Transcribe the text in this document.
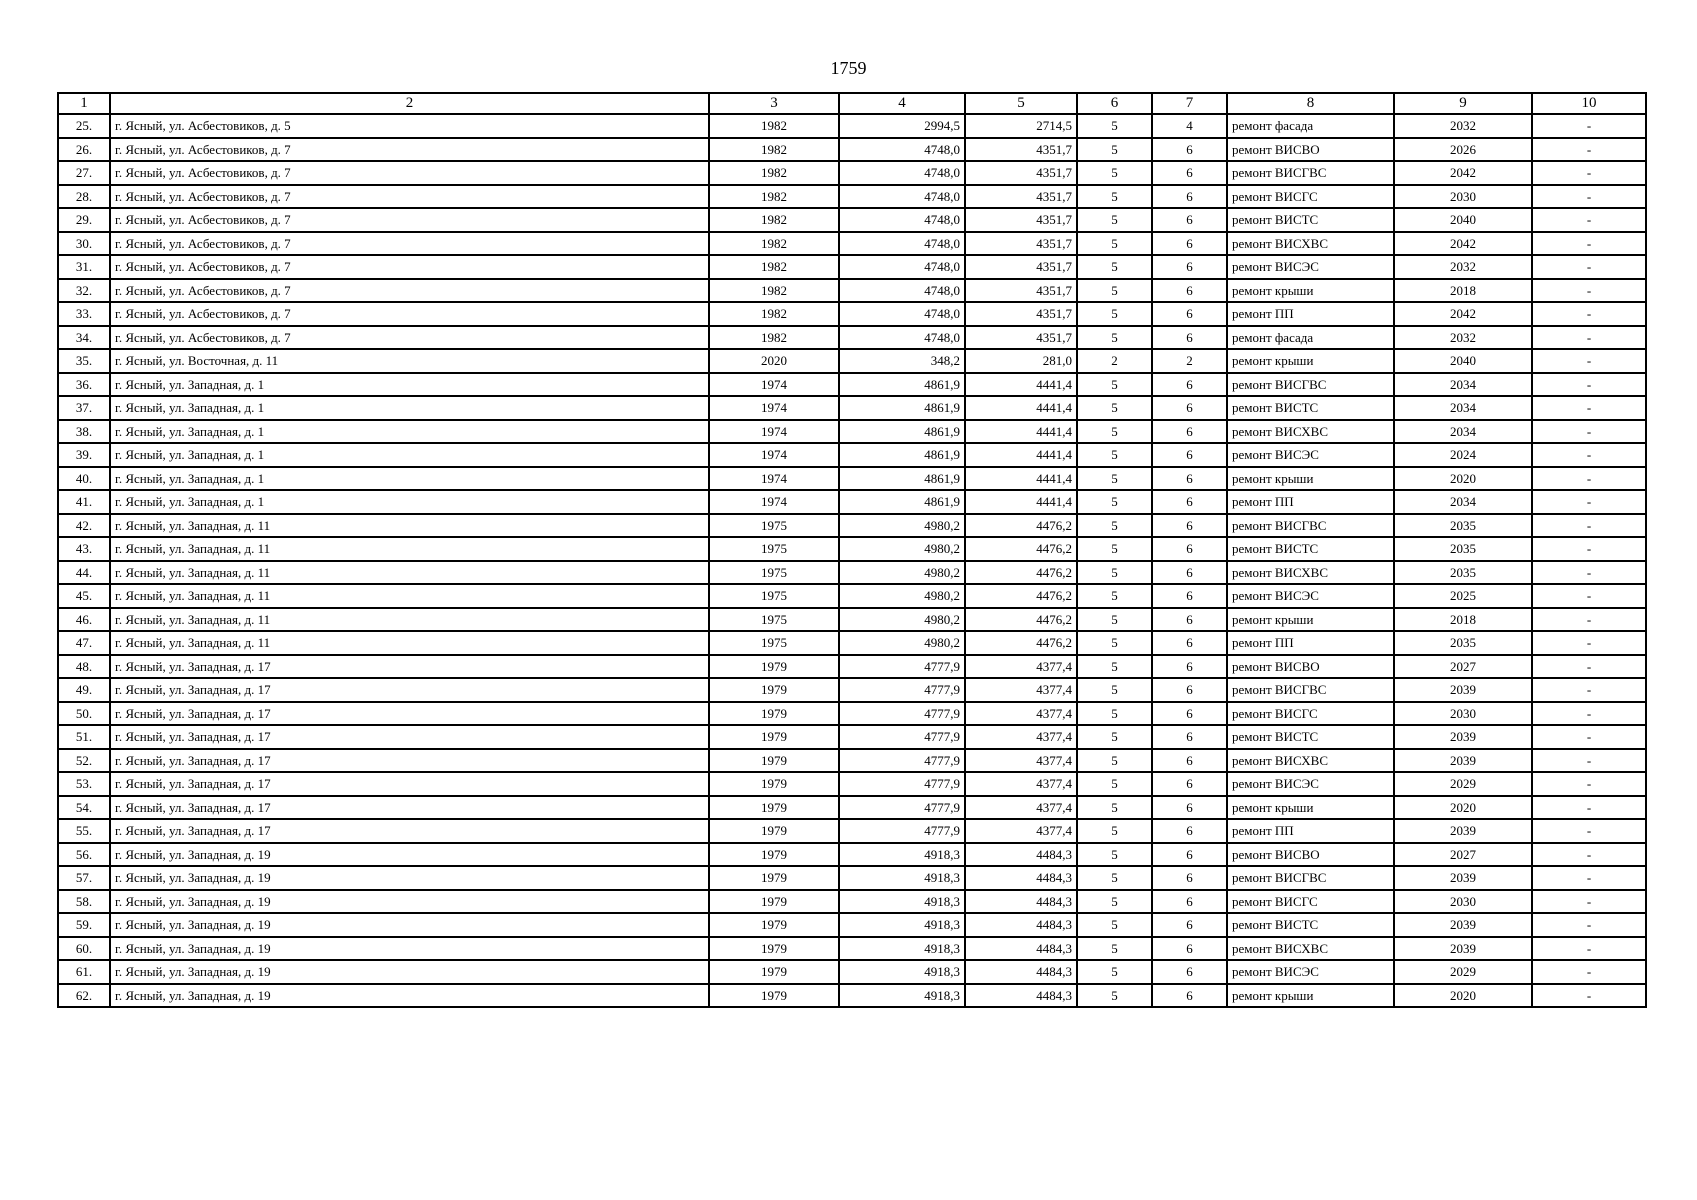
1759
1	2	3	4	5	6	7	8	9	10
25.	г. Ясный, ул. Асбестовиков, д. 5	1982	2994,5	2714,5	5	4	ремонт фасада	2032	-
26.	г. Ясный, ул. Асбестовиков, д. 7	1982	4748,0	4351,7	5	6	ремонт ВИСВО	2026	-
27.	г. Ясный, ул. Асбестовиков, д. 7	1982	4748,0	4351,7	5	6	ремонт ВИСГВС	2042	-
28.	г. Ясный, ул. Асбестовиков, д. 7	1982	4748,0	4351,7	5	6	ремонт ВИСГС	2030	-
29.	г. Ясный, ул. Асбестовиков, д. 7	1982	4748,0	4351,7	5	6	ремонт ВИСТС	2040	-
30.	г. Ясный, ул. Асбестовиков, д. 7	1982	4748,0	4351,7	5	6	ремонт ВИСХВС	2042	-
31.	г. Ясный, ул. Асбестовиков, д. 7	1982	4748,0	4351,7	5	6	ремонт ВИСЭС	2032	-
32.	г. Ясный, ул. Асбестовиков, д. 7	1982	4748,0	4351,7	5	6	ремонт крыши	2018	-
33.	г. Ясный, ул. Асбестовиков, д. 7	1982	4748,0	4351,7	5	6	ремонт ПП	2042	-
34.	г. Ясный, ул. Асбестовиков, д. 7	1982	4748,0	4351,7	5	6	ремонт фасада	2032	-
35.	г. Ясный, ул. Восточная, д. 11	2020	348,2	281,0	2	2	ремонт крыши	2040	-
36.	г. Ясный, ул. Западная, д. 1	1974	4861,9	4441,4	5	6	ремонт ВИСГВС	2034	-
37.	г. Ясный, ул. Западная, д. 1	1974	4861,9	4441,4	5	6	ремонт ВИСТС	2034	-
38.	г. Ясный, ул. Западная, д. 1	1974	4861,9	4441,4	5	6	ремонт ВИСХВС	2034	-
39.	г. Ясный, ул. Западная, д. 1	1974	4861,9	4441,4	5	6	ремонт ВИСЭС	2024	-
40.	г. Ясный, ул. Западная, д. 1	1974	4861,9	4441,4	5	6	ремонт крыши	2020	-
41.	г. Ясный, ул. Западная, д. 1	1974	4861,9	4441,4	5	6	ремонт ПП	2034	-
42.	г. Ясный, ул. Западная, д. 11	1975	4980,2	4476,2	5	6	ремонт ВИСГВС	2035	-
43.	г. Ясный, ул. Западная, д. 11	1975	4980,2	4476,2	5	6	ремонт ВИСТС	2035	-
44.	г. Ясный, ул. Западная, д. 11	1975	4980,2	4476,2	5	6	ремонт ВИСХВС	2035	-
45.	г. Ясный, ул. Западная, д. 11	1975	4980,2	4476,2	5	6	ремонт ВИСЭС	2025	-
46.	г. Ясный, ул. Западная, д. 11	1975	4980,2	4476,2	5	6	ремонт крыши	2018	-
47.	г. Ясный, ул. Западная, д. 11	1975	4980,2	4476,2	5	6	ремонт ПП	2035	-
48.	г. Ясный, ул. Западная, д. 17	1979	4777,9	4377,4	5	6	ремонт ВИСВО	2027	-
49.	г. Ясный, ул. Западная, д. 17	1979	4777,9	4377,4	5	6	ремонт ВИСГВС	2039	-
50.	г. Ясный, ул. Западная, д. 17	1979	4777,9	4377,4	5	6	ремонт ВИСГС	2030	-
51.	г. Ясный, ул. Западная, д. 17	1979	4777,9	4377,4	5	6	ремонт ВИСТС	2039	-
52.	г. Ясный, ул. Западная, д. 17	1979	4777,9	4377,4	5	6	ремонт ВИСХВС	2039	-
53.	г. Ясный, ул. Западная, д. 17	1979	4777,9	4377,4	5	6	ремонт ВИСЭС	2029	-
54.	г. Ясный, ул. Западная, д. 17	1979	4777,9	4377,4	5	6	ремонт крыши	2020	-
55.	г. Ясный, ул. Западная, д. 17	1979	4777,9	4377,4	5	6	ремонт ПП	2039	-
56.	г. Ясный, ул. Западная, д. 19	1979	4918,3	4484,3	5	6	ремонт ВИСВО	2027	-
57.	г. Ясный, ул. Западная, д. 19	1979	4918,3	4484,3	5	6	ремонт ВИСГВС	2039	-
58.	г. Ясный, ул. Западная, д. 19	1979	4918,3	4484,3	5	6	ремонт ВИСГС	2030	-
59.	г. Ясный, ул. Западная, д. 19	1979	4918,3	4484,3	5	6	ремонт ВИСТС	2039	-
60.	г. Ясный, ул. Западная, д. 19	1979	4918,3	4484,3	5	6	ремонт ВИСХВС	2039	-
61.	г. Ясный, ул. Западная, д. 19	1979	4918,3	4484,3	5	6	ремонт ВИСЭС	2029	-
62.	г. Ясный, ул. Западная, д. 19	1979	4918,3	4484,3	5	6	ремонт крыши	2020	-
